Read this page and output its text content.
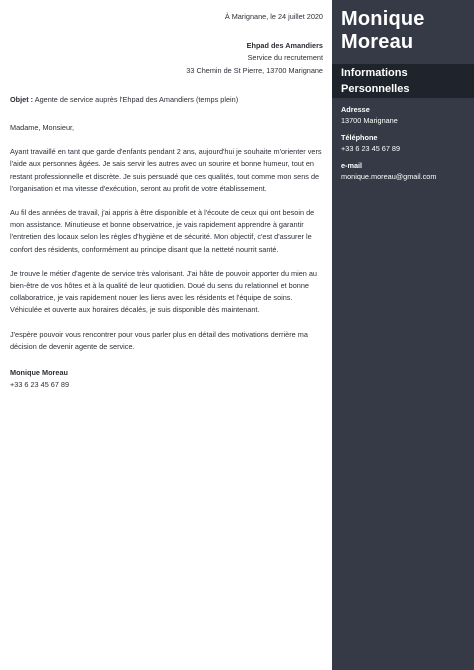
À Marignane, le 24 juillet 2020
Ehpad des Amandiers
Service du recrutement
33 Chemin de St Pierre, 13700 Marignane
Objet : Agente de service auprès l'Ehpad des Amandiers (temps plein)
Madame, Monsieur,
Ayant travaillé en tant que garde d'enfants pendant 2 ans, aujourd'hui je souhaite m'orienter vers l'aide aux personnes âgées. Je sais servir les autres avec un sourire et bonne humeur, tout en restant professionnelle et discrète. Je suis persuadé que ces qualités, tout comme mon sens de l'organisation et ma vitesse d'exécution, seront au profit de votre établissement.
Au fil des années de travail, j'ai appris à être disponible et à l'écoute de ceux qui ont besoin de mon assistance. Minutieuse et bonne observatrice, je vais rapidement apprendre à garantir l'entretien des locaux selon les règles d'hygiène et de sécurité. Mon objectif, c'est d'assurer le confort des résidents, conformément au principe disant que la netteté nourrit santé.
Je trouve le métier d'agente de service très valorisant. J'ai hâte de pouvoir apporter du mien au bien-être de vos hôtes et à la qualité de leur quotidien. Doué du sens du relationnel et bonne collaboratrice, je vais rapidement nouer les liens avec les résidents et l'équipe de soins. Véhiculée et ouverte aux horaires décalés, je suis disponible dès maintenant.
J'espère pouvoir vous rencontrer pour vous parler plus en détail des motivations derrière ma décision de devenir agente de service.
Monique Moreau
+33 6 23 45 67 89
Monique
Moreau
Informations
Personnelles
Adresse
13700 Marignane
Téléphone
+33 6 23 45 67 89
e-mail
monique.moreau@gmail.com
